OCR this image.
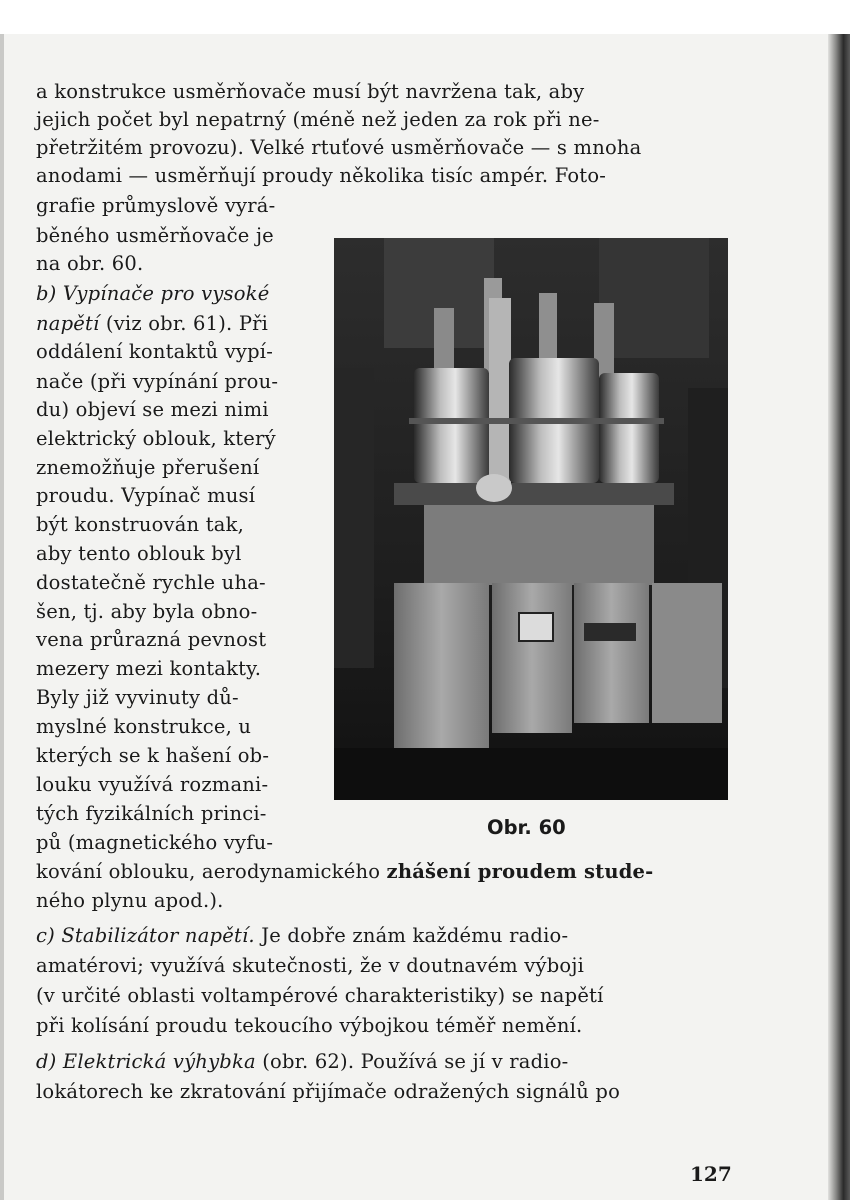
a konstrukce usměrňovače musí být navržena tak, aby
jejich počet byl nepatrný (méně než jeden za rok při ne-
přetržitém provozu). Velké rtuťové usměrňovače — s mnoha
anodami — usměrňují proudy několika tisíc ampér. Foto-
grafie průmyslově vyrá-
běného usměrňovače je
na obr. 60.
b) Vypínače pro vysoké
napětí (viz obr. 61). Při
oddálení kontaktů vypí-
nače (při vypínání prou-
du) objeví se mezi nimi
elektrický oblouk, který
znemožňuje přerušení
proudu. Vypínač musí
být konstruován tak,
aby tento oblouk byl
dostatečně rychle uha-
šen, tj. aby byla obno-
vena průrazná pevnost
mezery mezi kontakty.
Byly již vyvinuty dů-
myslné konstrukce, u
kterých se k hašení ob-
louku využívá rozmani-
tých fyzikálních princi-
pů (magnetického vyfu-
kování oblouku, aerodynamického zhášení proudem stude-
ného plynu apod.).
c) Stabilizátor napětí. Je dobře znám každému radio-
amatérovi; využívá skutečnosti, že v doutnavém výboji
(v určité oblasti voltampérové charakteristiky) se napětí
při kolísání proudu tekoucího výbojkou téměř nemění.
d) Elektrická výhybka (obr. 62). Používá se jí v radio-
lokátorech ke zkratování přijímače odražených signálů po
Obr. 60
127
